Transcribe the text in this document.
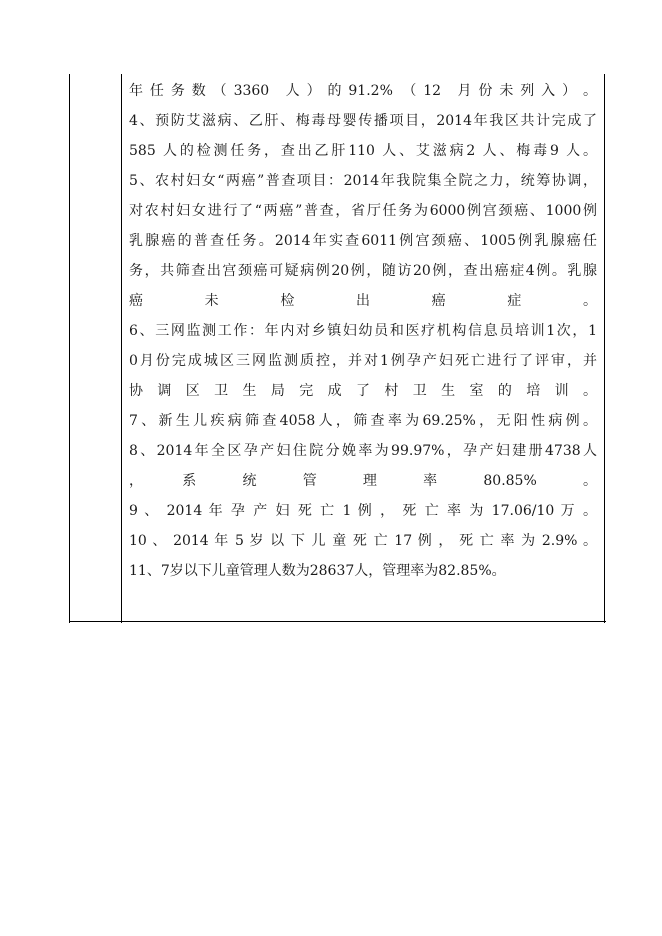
年 任 务 数 （ 3360　人 ） 的 91.2%　（ 12　月 份 未 列 入 ） 。
4、预防艾滋病、乙肝、梅毒母婴传播项目，2014年我区共计完成了
585 人的检测任务，查出乙肝110 人、艾滋病2 人、梅毒9 人。
5、农村妇女“两癌”普查项目：2014年我院集全院之力，统筹协调，
对农村妇女进行了“两癌”普查，省厅任务为6000例宫颈癌、1000例
乳腺癌的普查任务。2014年实查6011例宫颈癌、1005例乳腺癌任
务，共筛查出宫颈癌可疑病例20例，随访20例，查出癌症4例。乳腺
癌　未　检　出　癌　症　。
6、三网监测工作：年内对乡镇妇幼员和医疗机构信息员培训1次，1
0月份完成城区三网监测质控，并对1例孕产妇死亡进行了评审，并
协 调 区 卫 生 局 完 成 了 村 卫 生 室 的 培 训 。
7、新生儿疾病筛查4058人，筛查率为69.25%，无阳性病例。
8、2014年全区孕产妇住院分娩率为99.97%，孕产妇建册4738人
，　系　统　管　理　率　80.85%　。
9 、 2014 年 孕 产 妇 死 亡 1 例 ， 死 亡 率 为 17.06/10 万 。
10 、 2014 年 5 岁 以 下 儿 童 死 亡 17 例 ， 死 亡 率 为 2.9% 。
11、7岁以下儿童管理人数为28637人，管理率为82.85%。
